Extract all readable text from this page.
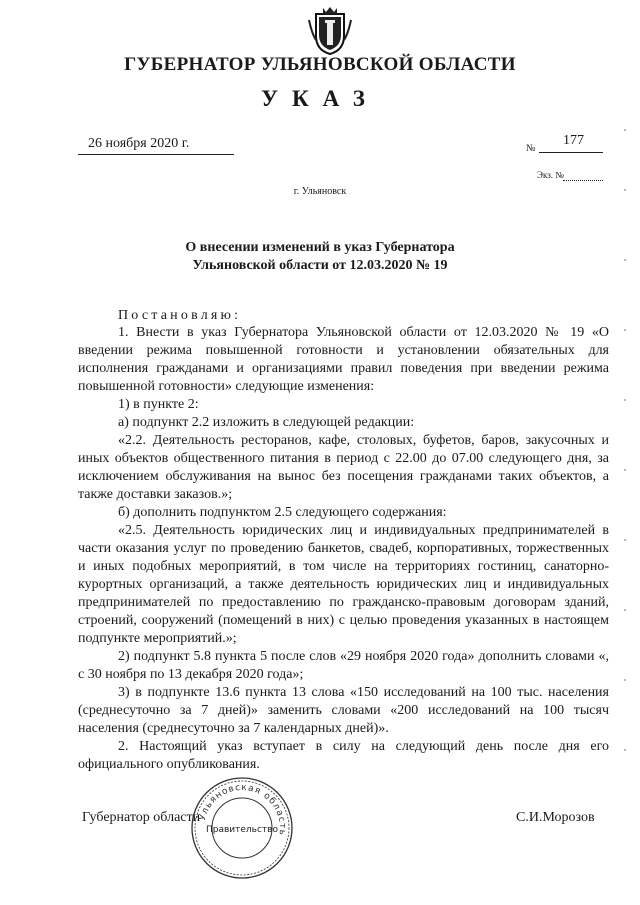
ГУБЕРНАТОР УЛЬЯНОВСКОЙ ОБЛАСТИ
УКАЗ
26 ноября 2020 г.	№
177
Экз. №
г. Ульяновск
О внесении изменений в указ Губернатора
Ульяновской области от 12.03.2020 № 19
Постановляю:

1. Внести в указ Губернатора Ульяновской области от 12.03.2020 № 19 «О введении режима повышенной готовности и установлении обязательных для исполнения гражданами и организациями правил поведения при введении режима повышенной готовности» следующие изменения:

1) в пункте 2:

а) подпункт 2.2 изложить в следующей редакции:

«2.2. Деятельность ресторанов, кафе, столовых, буфетов, баров, закусочных и иных объектов общественного питания в период с 22.00 до 07.00 следующего дня, за исключением обслуживания на вынос без посещения гражданами таких объектов, а также доставки заказов.»;

б) дополнить подпунктом 2.5 следующего содержания:

«2.5. Деятельность юридических лиц и индивидуальных предпринимателей в части оказания услуг по проведению банкетов, свадеб, корпоративных, торжественных и иных подобных мероприятий, в том числе на территориях гостиниц, санаторно-курортных организаций, а также деятельность юридических лиц и индивидуальных предпринимателей по предоставлению по гражданско-правовым договорам зданий, строений, сооружений (помещений в них) с целью проведения указанных в настоящем подпункте мероприятий.»;

2) подпункт 5.8 пункта 5 после слов «29 ноября 2020 года» дополнить словами «, с 30 ноября по 13 декабря 2020 года»;

3) в подпункте 13.6 пункта 13 слова «150 исследований на 100 тыс. населения (среднесуточно за 7 дней)» заменить словами «200 исследований на 100 тысяч населения (среднесуточно за 7 календарных дней)».

2. Настоящий указ вступает в силу на следующий день после дня его официального опубликования.

Губернатор области	С.И.Морозов
Ульяновская область
Правительство
